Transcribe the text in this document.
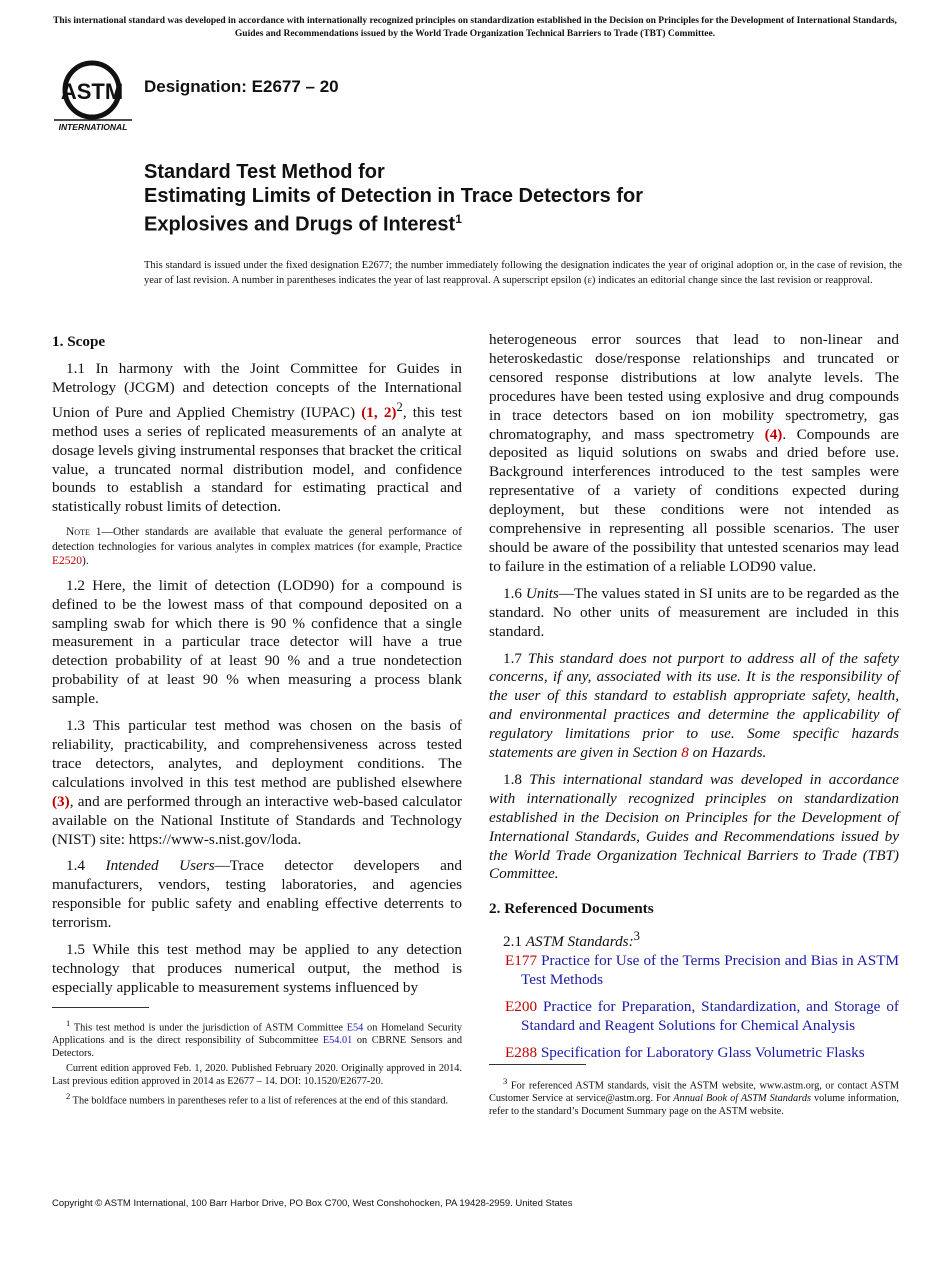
This international standard was developed in accordance with internationally recognized principles on standardization established in the Decision on Principles for the Development of International Standards, Guides and Recommendations issued by the World Trade Organization Technical Barriers to Trade (TBT) Committee.
ASTM
INTERNATIONAL
Designation: E2677 – 20
Standard Test Method for
Estimating Limits of Detection in Trace Detectors for
Explosives and Drugs of Interest$^1$
This standard is issued under the fixed designation E2677; the number immediately following the designation indicates the year of original adoption or, in the case of revision, the year of last revision. A number in parentheses indicates the year of last reapproval. A superscript epsilon (ε) indicates an editorial change since the last revision or reapproval.
1. Scope

1.1 In harmony with the Joint Committee for Guides in Metrology (JCGM) and detection concepts of the International Union of Pure and Applied Chemistry (IUPAC) (1, 2)$^2$, this test method uses a series of replicated measurements of an analyte at dosage levels giving instrumental responses that bracket the critical value, a truncated normal distribution model, and confidence bounds to establish a standard for estimating practical and statistically robust limits of detection.

Note 1—Other standards are available that evaluate the general performance of detection technologies for various analytes in complex matrices (for example, Practice E2520).

1.2 Here, the limit of detection (LOD90) for a compound is defined to be the lowest mass of that compound deposited on a sampling swab for which there is 90 % confidence that a single measurement in a particular trace detector will have a true detection probability of at least 90 % and a true nondetection probability of at least 90 % when measuring a process blank sample.

1.3 This particular test method was chosen on the basis of reliability, practicability, and comprehensiveness across tested trace detectors, analytes, and deployment conditions. The calculations involved in this test method are published elsewhere (3), and are performed through an interactive web-based calculator available on the National Institute of Standards and Technology (NIST) site: https://www-s.nist.gov/loda.

1.4 Intended Users—Trace detector developers and manufacturers, vendors, testing laboratories, and agencies responsible for public safety and enabling effective deterrents to terrorism.

1.5 While this test method may be applied to any detection technology that produces numerical output, the method is especially applicable to measurement systems influenced by

$^1$ This test method is under the jurisdiction of ASTM Committee E54 on Homeland Security Applications and is the direct responsibility of Subcommittee E54.01 on CBRNE Sensors and Detectors.

Current edition approved Feb. 1, 2020. Published February 2020. Originally approved in 2014. Last previous edition approved in 2014 as E2677 – 14. DOI: 10.1520/E2677-20.

$^2$ The boldface numbers in parentheses refer to a list of references at the end of this standard.

heterogeneous error sources that lead to non-linear and heteroskedastic dose/response relationships and truncated or censored response distributions at low analyte levels. The procedures have been tested using explosive and drug compounds in trace detectors based on ion mobility spectrometry, gas chromatography, and mass spectrometry (4). Compounds are deposited as liquid solutions on swabs and dried before use. Background interferences introduced to the test samples were representative of a variety of conditions expected during deployment, but these conditions were not intended as comprehensive in representing all possible scenarios. The user should be aware of the possibility that untested scenarios may lead to failure in the estimation of a reliable LOD90 value.

1.6 Units—The values stated in SI units are to be regarded as the standard. No other units of measurement are included in this standard.

1.7 This standard does not purport to address all of the safety concerns, if any, associated with its use. It is the responsibility of the user of this standard to establish appropriate safety, health, and environmental practices and determine the applicability of regulatory limitations prior to use. Some specific hazards statements are given in Section 8 on Hazards.

1.8 This international standard was developed in accordance with internationally recognized principles on standardization established in the Decision on Principles for the Development of International Standards, Guides and Recommendations issued by the World Trade Organization Technical Barriers to Trade (TBT) Committee.

2. Referenced Documents

2.1 ASTM Standards:$^3$

E177 Practice for Use of the Terms Precision and Bias in ASTM Test Methods

E200 Practice for Preparation, Standardization, and Storage of Standard and Reagent Solutions for Chemical Analysis

E288 Specification for Laboratory Glass Volumetric Flasks

$^3$ For referenced ASTM standards, visit the ASTM website, www.astm.org, or contact ASTM Customer Service at service@astm.org. For Annual Book of ASTM Standards volume information, refer to the standard’s Document Summary page on the ASTM website.

Copyright © ASTM International, 100 Barr Harbor Drive, PO Box C700, West Conshohocken, PA 19428-2959. United States
